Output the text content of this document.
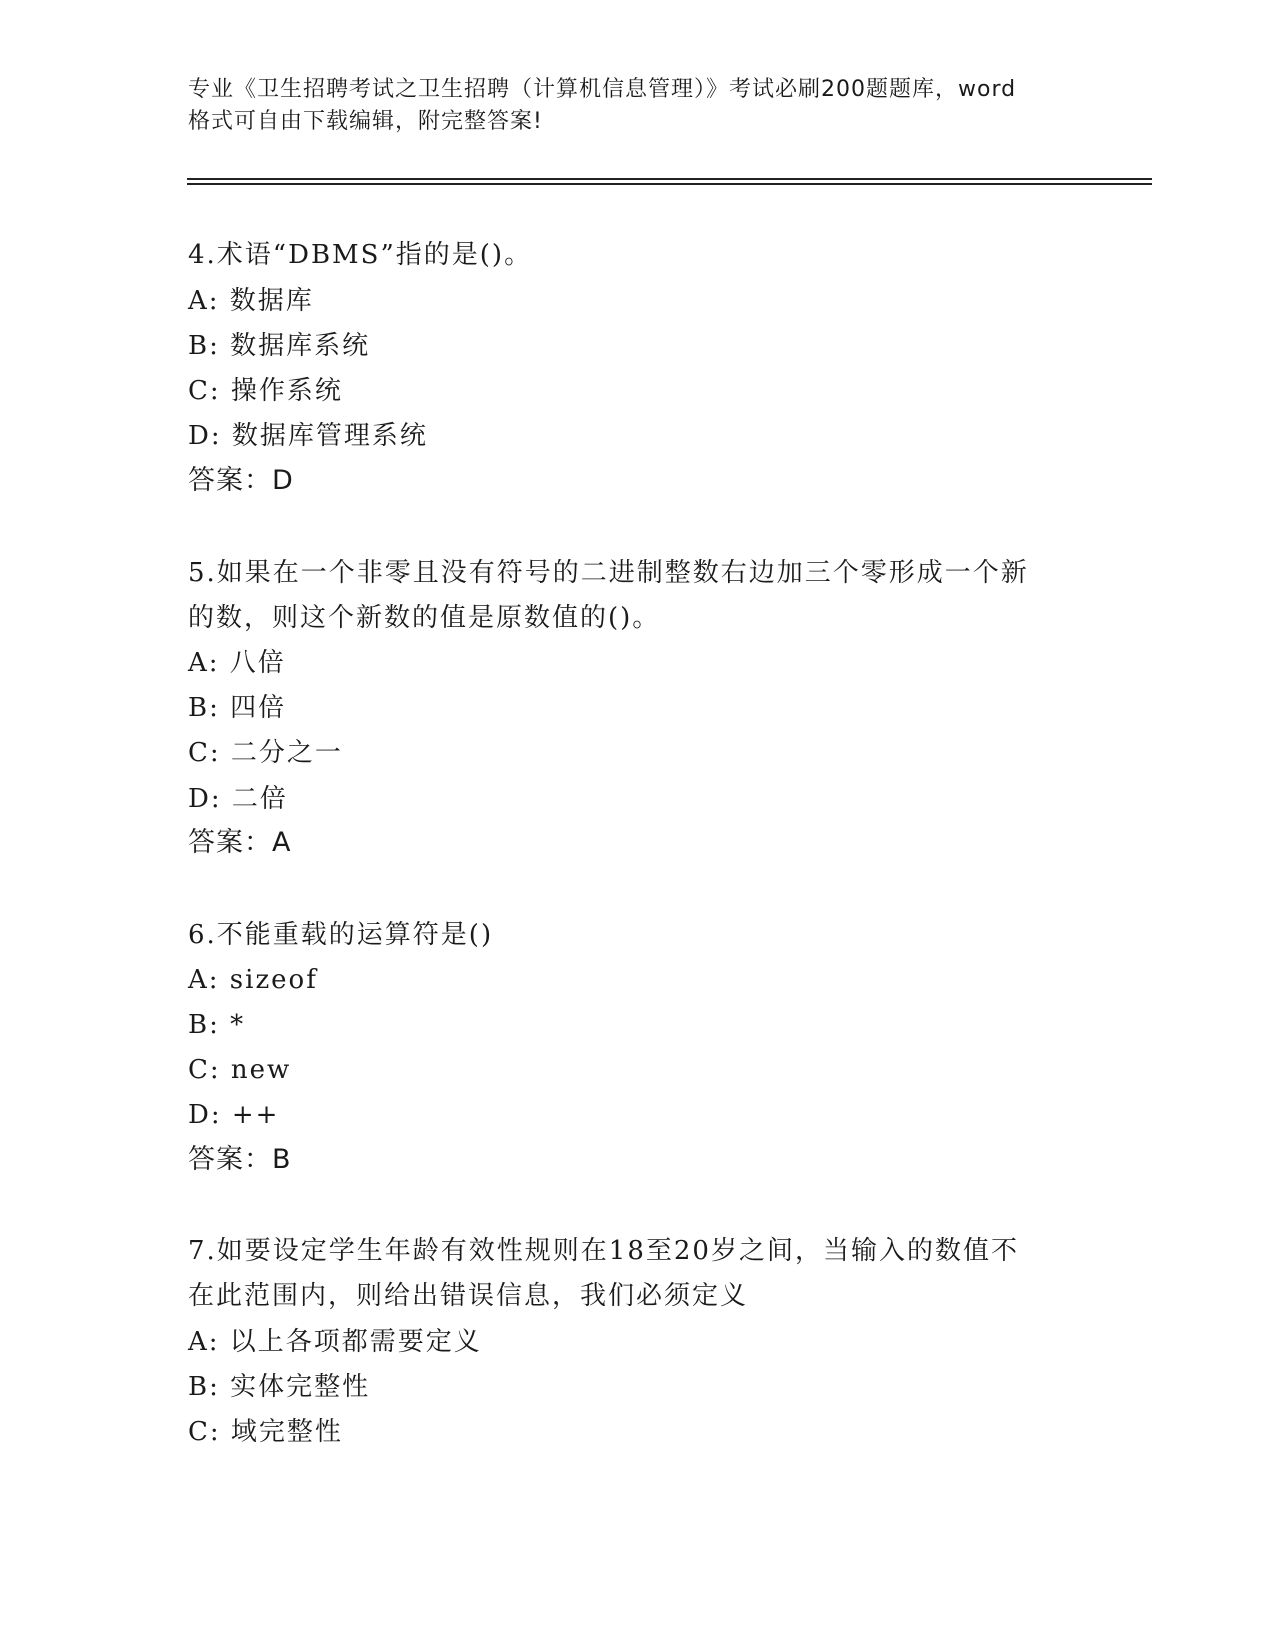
专业《卫生招聘考试之卫生招聘（计算机信息管理）》考试必刷200题题库，word
格式可自由下载编辑，附完整答案!
4.术语“DBMS”指的是()。
A: 数据库
B: 数据库系统
C: 操作系统
D: 数据库管理系统
答案：D
5.如果在一个非零且没有符号的二进制整数右边加三个零形成一个新
的数，则这个新数的值是原数值的()。
A: 八倍
B: 四倍
C: 二分之一
D: 二倍
答案：A
6.不能重载的运算符是()
A: sizeof
B: *
C: new
D: ++
答案：B
7.如要设定学生年龄有效性规则在18至20岁之间，当输入的数值不
在此范围内，则给出错误信息，我们必须定义
A: 以上各项都需要定义
B: 实体完整性
C: 域完整性
